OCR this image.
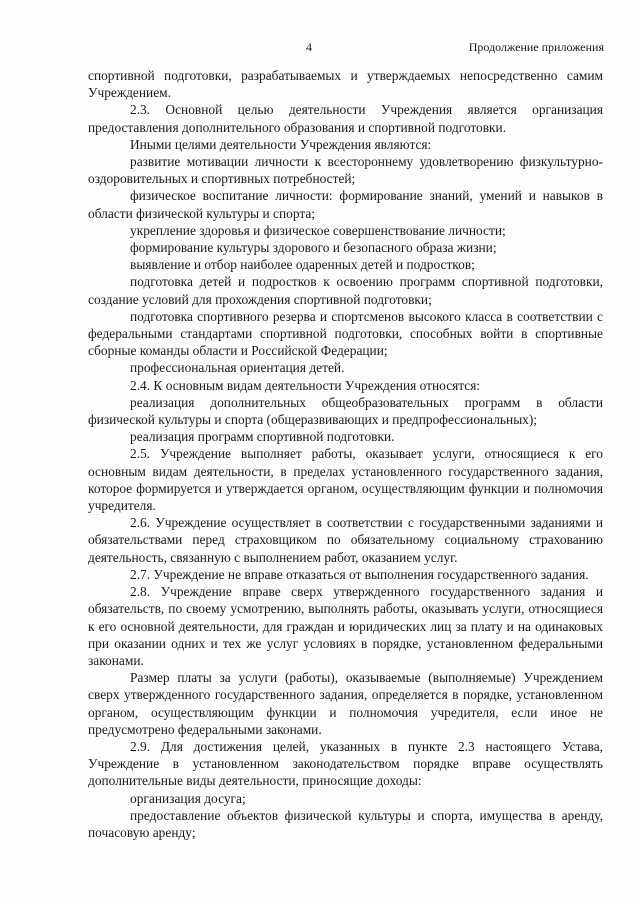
4	Продолжение приложения

спортивной подготовки, разрабатываемых и утверждаемых непосредственно самим Учреждением.

2.3. Основной целью деятельности Учреждения является организация предоставления дополнительного образования и спортивной подготовки.

Иными целями деятельности Учреждения являются:

развитие мотивации личности к всестороннему удовлетворению физкультурно-оздоровительных и спортивных потребностей;

физическое воспитание личности: формирование знаний, умений и навыков в области физической культуры и спорта;

укрепление здоровья и физическое совершенствование личности;

формирование культуры здорового и безопасного образа жизни;

выявление и отбор наиболее одаренных детей и подростков;

подготовка детей и подростков к освоению программ спортивной подготовки, создание условий для прохождения спортивной подготовки;

подготовка спортивного резерва и спортсменов высокого класса в соответствии с федеральными стандартами спортивной подготовки, способных войти в спортивные сборные команды области и Российской Федерации;

профессиональная ориентация детей.

2.4. К основным видам деятельности Учреждения относятся:

реализация дополнительных общеобразовательных программ в области физической культуры и спорта (общеразвивающих и предпрофессиональных);

реализация программ спортивной подготовки.

2.5. Учреждение выполняет работы, оказывает услуги, относящиеся к его основным видам деятельности, в пределах установленного государственного задания, которое формируется и утверждается органом, осуществляющим функции и полномочия учредителя.

2.6. Учреждение осуществляет в соответствии с государственными заданиями и обязательствами перед страховщиком по обязательному социальному страхованию деятельность, связанную с выполнением работ, оказанием услуг.

2.7. Учреждение не вправе отказаться от выполнения государственного задания.

2.8. Учреждение вправе сверх утвержденного государственного задания и обязательств, по своему усмотрению, выполнять работы, оказывать услуги, относящиеся к его основной деятельности, для граждан и юридических лиц за плату и на одинаковых при оказании одних и тех же услуг условиях в порядке, установленном федеральными законами.

Размер платы за услуги (работы), оказываемые (выполняемые) Учреждением сверх утвержденного государственного задания, определяется в порядке, установленном органом, осуществляющим функции и полномочия учредителя, если иное не предусмотрено федеральными законами.

2.9. Для достижения целей, указанных в пункте 2.3 настоящего Устава, Учреждение в установленном законодательством порядке вправе осуществлять дополнительные виды деятельности, приносящие доходы:

организация досуга;

предоставление объектов физической культуры и спорта, имущества в аренду, почасовую аренду;
